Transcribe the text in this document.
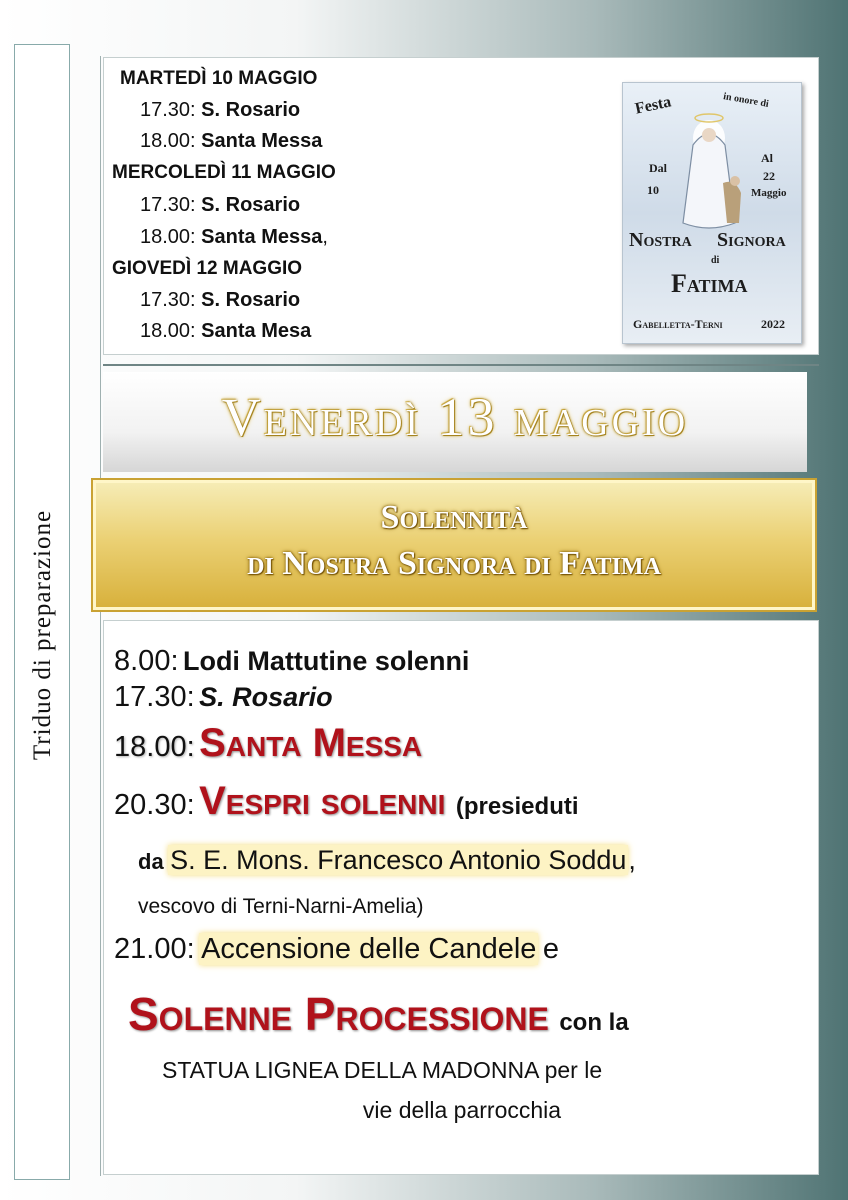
Triduo di preparazione
MARTEDÌ 10 MAGGIO
17.30: S. Rosario
18.00: Santa Messa
MERCOLEDÌ 11 MAGGIO
17.30: S. Rosario
18.00: Santa Messa,
GIOVEDÌ 12 MAGGIO
17.30: S. Rosario
18.00: Santa Mesa
Festa	in onore di
Dal
10
Al
22
Maggio
Nostra Signora
di
Fatima
Gabelletta-Terni	2022
Venerdì 13 maggio
Solennità
di Nostra Signora di Fatima
8.00: Lodi Mattutine solenni
17.30: S. Rosario
18.00: Santa Messa
20.30: Vespri solenni (presieduti
da S. E. Mons. Francesco Antonio Soddu,
vescovo di Terni-Narni-Amelia)
21.00: Accensione delle Candele e
Solenne Processione con la
STATUA LIGNEA DELLA MADONNA per le
vie della parrocchia
